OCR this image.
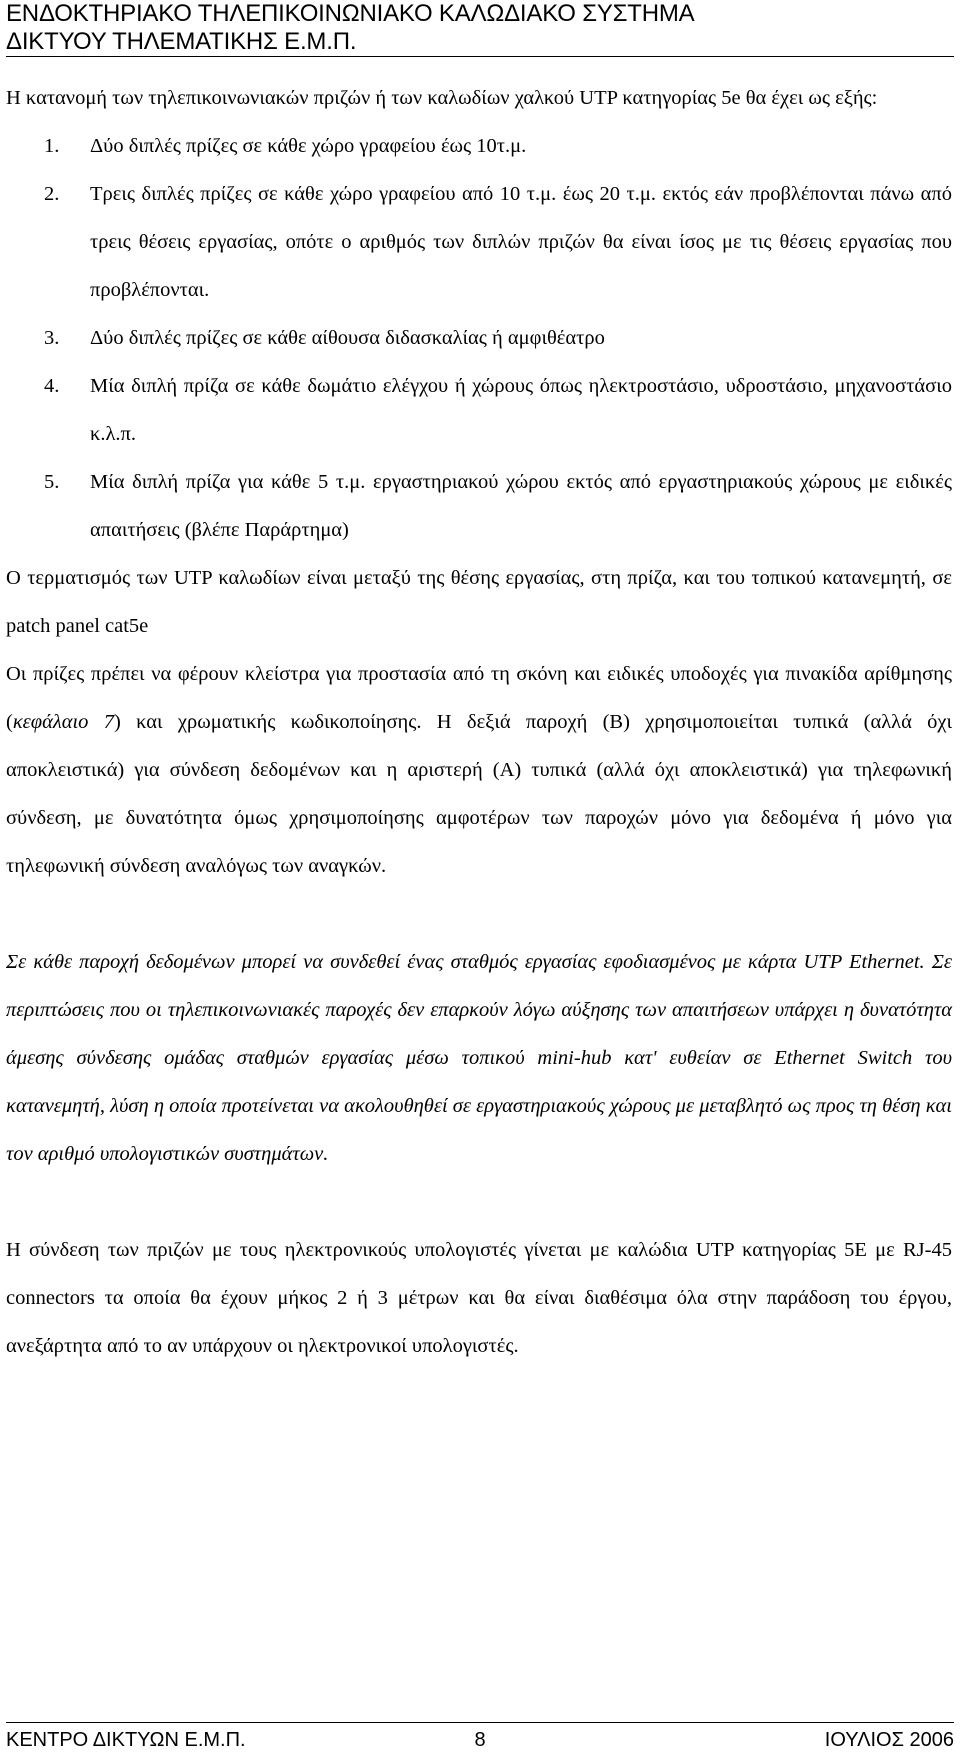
ΕΝΔΟΚΤΗΡΙΑΚΟ ΤΗΛΕΠΙΚΟΙΝΩΝΙΑΚΟ ΚΑΛΩΔΙΑΚΟ ΣΥΣΤΗΜΑ
ΔΙΚΤΥΟΥ ΤΗΛΕΜΑΤΙΚΗΣ Ε.Μ.Π.

Η κατανομή των τηλεπικοινωνιακών πριζών ή των καλωδίων χαλκού UTP κατηγορίας 5e θα έχει ως εξής:

1. Δύο διπλές πρίζες σε κάθε χώρο γραφείου έως 10τ.μ.
2. Τρεις διπλές πρίζες σε κάθε χώρο γραφείου από 10 τ.μ. έως 20 τ.μ. εκτός εάν προβλέπονται πάνω από τρεις θέσεις εργασίας, οπότε ο αριθμός των διπλών πριζών θα είναι ίσος με τις θέσεις εργασίας που προβλέπονται.
3. Δύο διπλές πρίζες σε κάθε αίθουσα διδασκαλίας ή αμφιθέατρο
4. Μία διπλή πρίζα σε κάθε δωμάτιο ελέγχου ή χώρους όπως ηλεκτροστάσιο, υδροστάσιο, μηχανοστάσιο κ.λ.π.
5. Μία διπλή πρίζα για κάθε 5 τ.μ. εργαστηριακού χώρου εκτός από εργαστηριακούς χώρους με ειδικές απαιτήσεις (βλέπε Παράρτημα)

Ο τερματισμός των UTP καλωδίων είναι μεταξύ της θέσης εργασίας, στη πρίζα, και του τοπικού κατανεμητή, σε patch panel cat5e

Οι πρίζες πρέπει να φέρουν κλείστρα για προστασία από τη σκόνη και ειδικές υποδοχές για πινακίδα αρίθμησης (κεφάλαιο 7) και χρωματικής κωδικοποίησης. Η δεξιά παροχή (Β) χρησιμοποιείται τυπικά (αλλά όχι αποκλειστικά) για σύνδεση δεδομένων και η αριστερή (Α) τυπικά (αλλά όχι αποκλειστικά) για τηλεφωνική σύνδεση, με δυνατότητα όμως χρησιμοποίησης αμφοτέρων των παροχών μόνο για δεδομένα ή μόνο για τηλεφωνική σύνδεση αναλόγως των αναγκών.

Σε κάθε παροχή δεδομένων μπορεί να συνδεθεί ένας σταθμός εργασίας εφοδιασμένος με κάρτα UTP Ethernet. Σε περιπτώσεις που οι τηλεπικοινωνιακές παροχές δεν επαρκούν λόγω αύξησης των απαιτήσεων υπάρχει η δυνατότητα άμεσης σύνδεσης ομάδας σταθμών εργασίας μέσω τοπικού mini-hub κατ' ευθείαν σε Ethernet Switch του κατανεμητή, λύση η οποία προτείνεται να ακολουθηθεί σε εργαστηριακούς χώρους με μεταβλητό ως προς τη θέση και τον αριθμό υπολογιστικών συστημάτων.

Η σύνδεση των πριζών με τους ηλεκτρονικούς υπολογιστές γίνεται με καλώδια UTP κατηγορίας 5Ε με RJ-45 connectors τα οποία θα έχουν μήκος 2 ή 3 μέτρων και θα είναι διαθέσιμα όλα στην παράδοση του έργου, ανεξάρτητα από το αν υπάρχουν οι ηλεκτρονικοί υπολογιστές.

ΚΕΝΤΡΟ ΔΙΚΤΥΩΝ Ε.Μ.Π.	8	ΙΟΥΛΙΟΣ 2006
